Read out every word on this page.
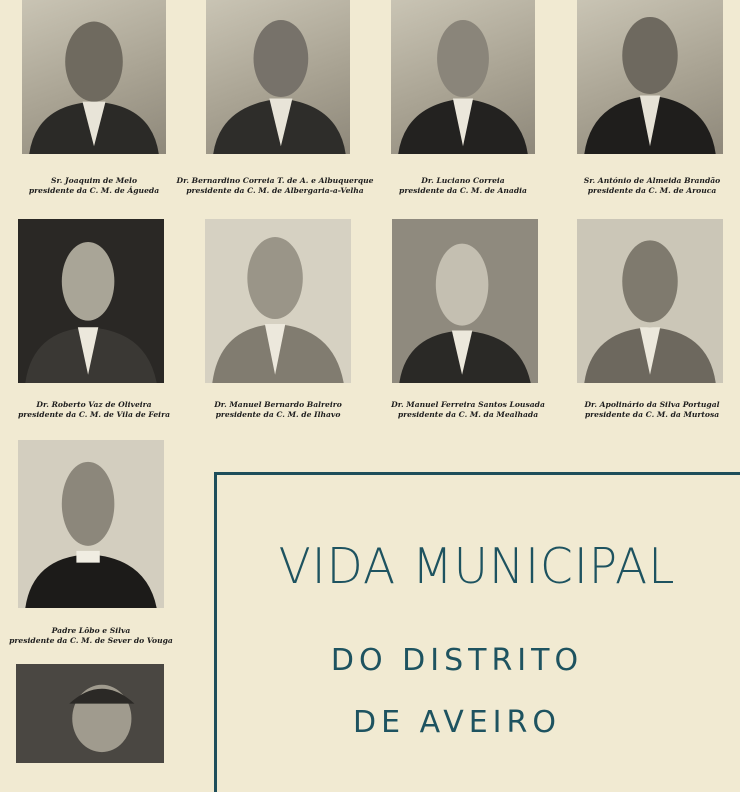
Sr. Joaquim de Melo
presidente da C. M. de Águeda
Dr. Bernardino Correia T. de A. e Albuquerque
presidente da C. M. de Albergaria-a-Velha
Dr. Luciano Correia
presidente da C. M. de Anadia
Sr. António de Almeida Brandão
presidente da C. M. de Arouca
Dr. Roberto Vaz de Oliveira
presidente da C. M. de Vila de Feira
Dr. Manuel Bernardo Balreiro
presidente da C. M. de Ilhavo
Dr. Manuel Ferreira Santos Lousada
presidente da C. M. da Mealhada
Dr. Apolinário da Silva Portugal
presidente da C. M. da Murtosa
Padre Lôbo e Silva
presidente da C. M. de Sever do Vouga
VIDA MUNICIPAL
DO DISTRITO
DE AVEIRO
